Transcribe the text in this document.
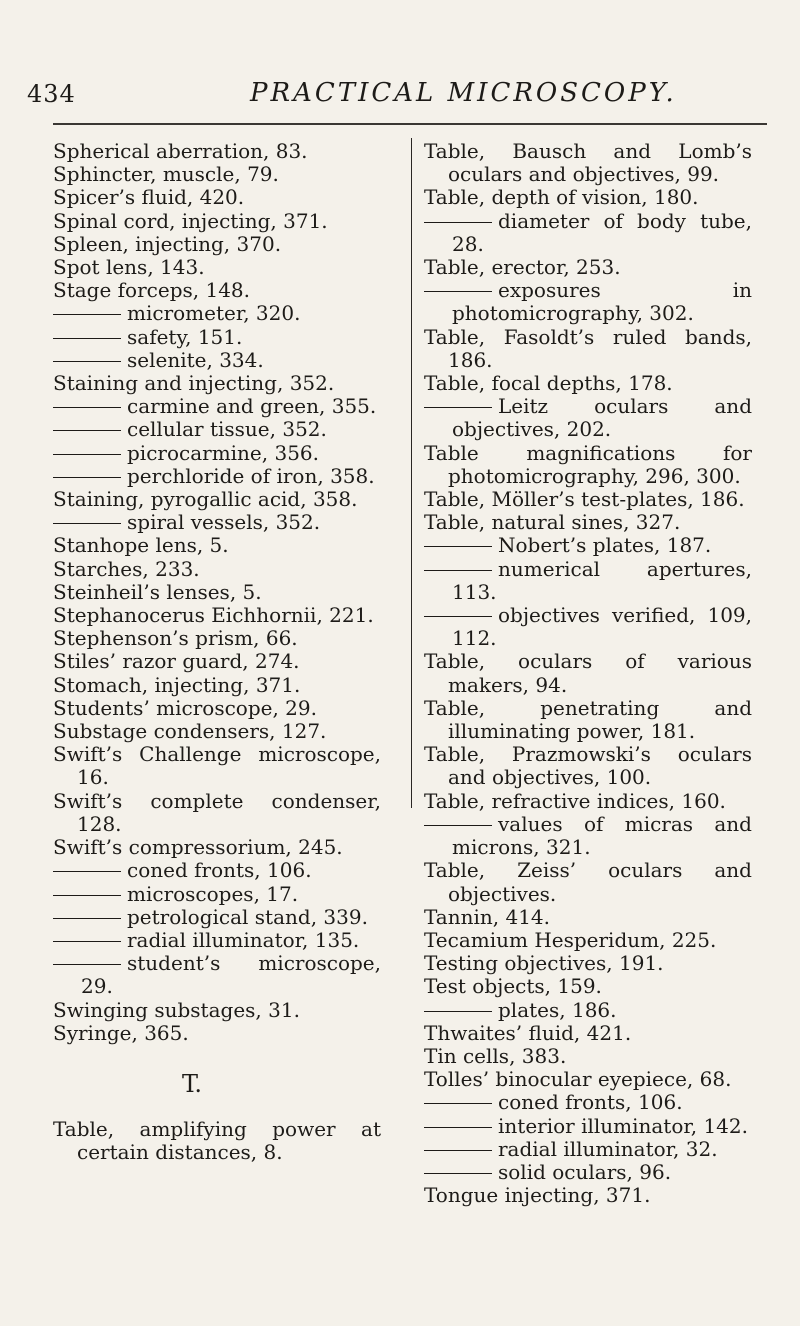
434	PRACTICAL MICROSCOPY.

Spherical aberration, 83.

Sphincter, muscle, 79.

Spicer’s fluid, 420.

Spinal cord, injecting, 371.

Spleen, injecting, 370.

Spot lens, 143.

Stage forceps, 148.

micrometer, 320.

safety, 151.

selenite, 334.

Staining and injecting, 352.

carmine and green, 355.

cellular tissue, 352.

picrocarmine, 356.

perchloride of iron, 358.

Staining, pyrogallic acid, 358.

spiral vessels, 352.

Stanhope lens, 5.

Starches, 233.

Steinheil’s lenses, 5.

Stephanocerus Eichhornii, 221.

Stephenson’s prism, 66.

Stiles’ razor guard, 274.

Stomach, injecting, 371.

Students’ microscope, 29.

Substage condensers, 127.

Swift’s Challenge microscope, 16.

Swift’s complete condenser, 128.

Swift’s compressorium, 245.

coned fronts, 106.

microscopes, 17.

petrological stand, 339.

radial illuminator, 135.

student’s microscope, 29.

Swinging substages, 31.

Syringe, 365.

T.

Table, amplifying power at certain distances, 8.

Table, Bausch and Lomb’s oculars and objectives, 99.

Table, depth of vision, 180.

diameter of body tube, 28.

Table, erector, 253.

exposures in photomicrography, 302.

Table, Fasoldt’s ruled bands, 186.

Table, focal depths, 178.

Leitz oculars and objectives, 202.

Table magnifications for photomicrography, 296, 300.

Table, Möller’s test-plates, 186.

Table, natural sines, 327.

Nobert’s plates, 187.

numerical apertures, 113.

objectives verified, 109, 112.

Table, oculars of various makers, 94.

Table, penetrating and illuminating power, 181.

Table, Prazmowski’s oculars and objectives, 100.

Table, refractive indices, 160.

values of micras and microns, 321.

Table, Zeiss’ oculars and objectives.

Tannin, 414.

Tecamium Hesperidum, 225.

Testing objectives, 191.

Test objects, 159.

plates, 186.

Thwaites’ fluid, 421.

Tin cells, 383.

Tolles’ binocular eyepiece, 68.

coned fronts, 106.

interior illuminator, 142.

radial illuminator, 32.

solid oculars, 96.

Tongue injecting, 371.
